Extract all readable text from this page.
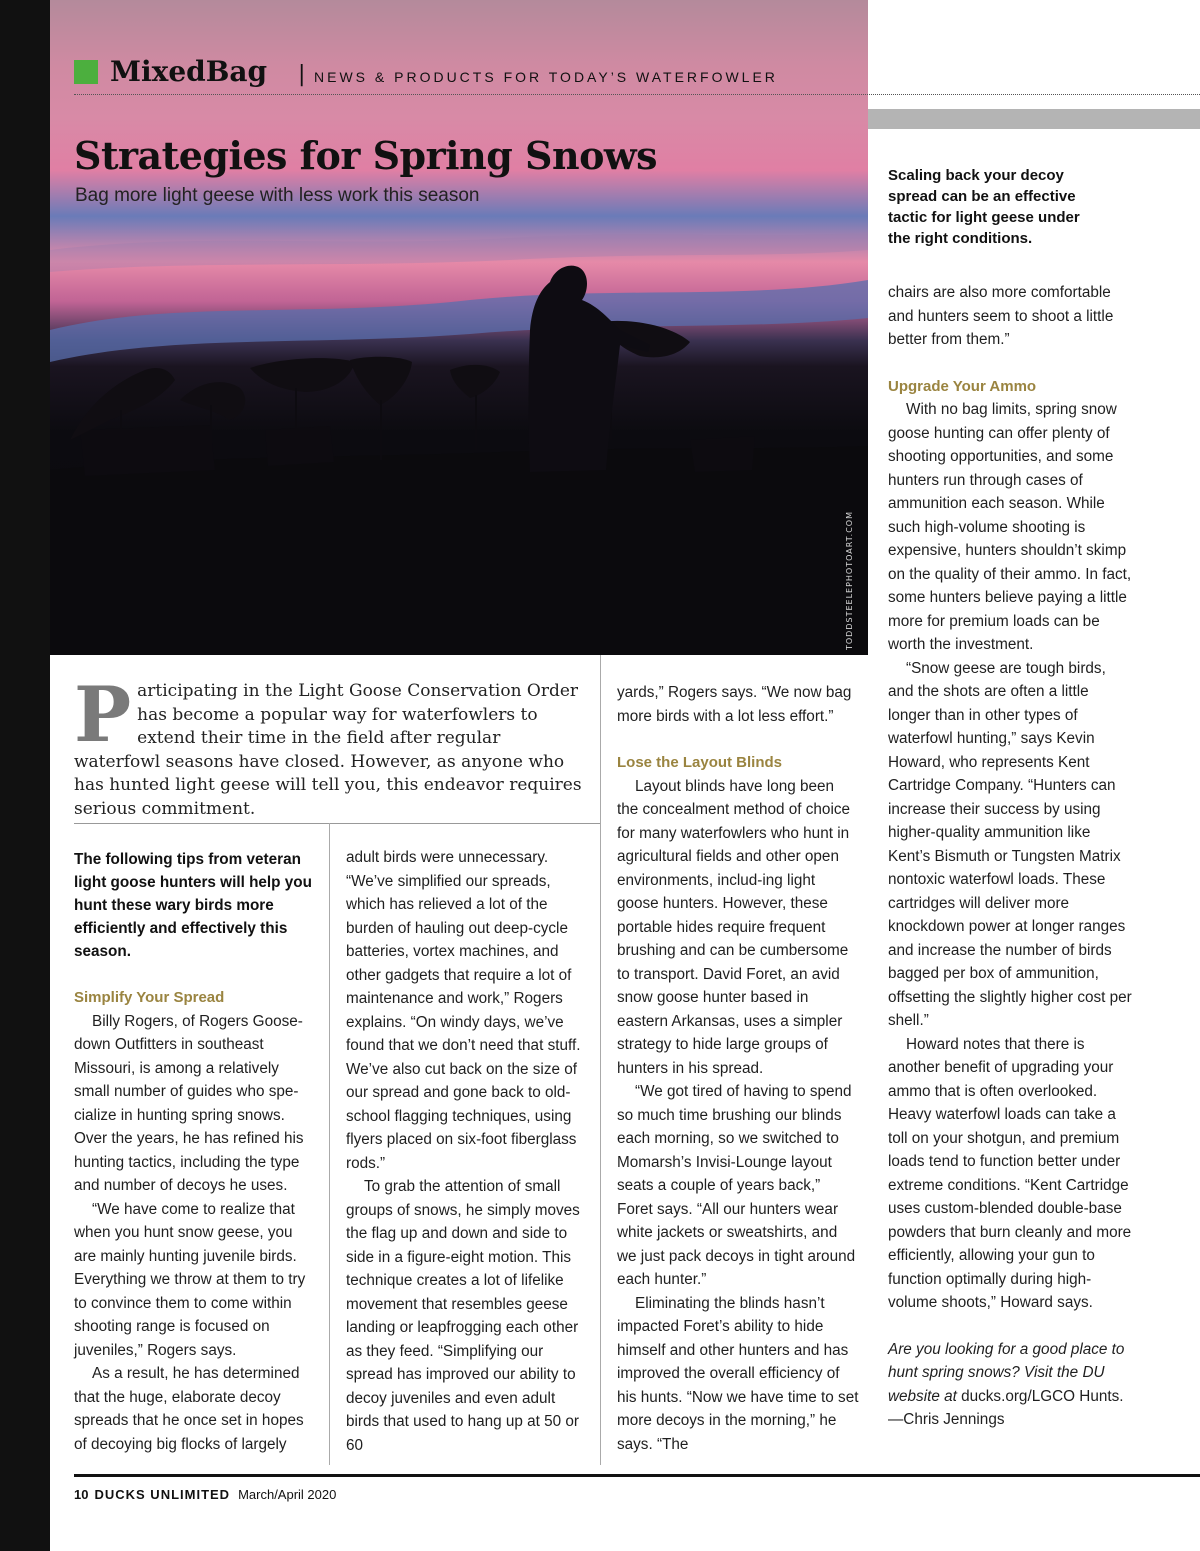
TODDSTEELEPHOTOART.COM
MixedBag | NEWS & PRODUCTS FOR TODAY’S WATERFOWLER
Strategies for Spring Snows
Bag more light geese with less work this season
Scaling back your decoy spread can be an effective tactic for light geese under the right conditions.
P articipating in the Light Goose Conservation Order has become a popular way for waterfowlers to extend their time in the field after regular waterfowl seasons have closed. However, as anyone who has hunted light geese will tell you, this endeavor requires serious commitment.

The following tips from veteran light goose hunters will help you hunt these wary birds more efficiently and effectively this season.

Simplify Your Spread

Billy Rogers, of Rogers Goose-down Outfitters in southeast Missouri, is among a relatively small number of guides who spe-cialize in hunting spring snows. Over the years, he has refined his hunting tactics, including the type and number of decoys he uses.

“We have come to realize that when you hunt snow geese, you are mainly hunting juvenile birds. Everything we throw at them to try to convince them to come within shooting range is focused on juveniles,” Rogers says.

As a result, he has determined that the huge, elaborate decoy spreads that he once set in hopes of decoying big flocks of largely

adult birds were unnecessary. “We’ve simplified our spreads, which has relieved a lot of the burden of hauling out deep-cycle batteries, vortex machines, and other gadgets that require a lot of maintenance and work,” Rogers explains. “On windy days, we’ve found that we don’t need that stuff. We’ve also cut back on the size of our spread and gone back to old-school flagging techniques, using flyers placed on six-foot fiberglass rods.”

To grab the attention of small groups of snows, he simply moves the flag up and down and side to side in a figure-eight motion. This technique creates a lot of lifelike movement that resembles geese landing or leapfrogging each other as they feed. “Simplifying our spread has improved our ability to decoy juveniles and even adult birds that used to hang up at 50 or 60

yards,” Rogers says. “We now bag more birds with a lot less effort.”

Lose the Layout Blinds

Layout blinds have long been the concealment method of choice for many waterfowlers who hunt in agricultural fields and other open environments, includ-ing light goose hunters. However, these portable hides require frequent brushing and can be cumbersome to transport. David Foret, an avid snow goose hunter based in eastern Arkansas, uses a simpler strategy to hide large groups of hunters in his spread.

“We got tired of having to spend so much time brushing our blinds each morning, so we switched to Momarsh’s Invisi-Lounge layout seats a couple of years back,” Foret says. “All our hunters wear white jackets or sweatshirts, and we just pack decoys in tight around each hunter.”

Eliminating the blinds hasn’t impacted Foret’s ability to hide himself and other hunters and has improved the overall efficiency of his hunts. “Now we have time to set more decoys in the morning,” he says. “The

chairs are also more comfortable and hunters seem to shoot a little better from them.”

Upgrade Your Ammo

With no bag limits, spring snow goose hunting can offer plenty of shooting opportunities, and some hunters run through cases of ammunition each season. While such high-volume shooting is expensive, hunters shouldn’t skimp on the quality of their ammo. In fact, some hunters believe paying a little more for premium loads can be worth the investment.

“Snow geese are tough birds, and the shots are often a little longer than in other types of waterfowl hunting,” says Kevin Howard, who represents Kent Cartridge Company. “Hunters can increase their success by using higher-quality ammunition like Kent’s Bismuth or Tungsten Matrix nontoxic waterfowl loads. These cartridges will deliver more knockdown power at longer ranges and increase the number of birds bagged per box of ammunition, offsetting the slightly higher cost per shell.”

Howard notes that there is another benefit of upgrading your ammo that is often overlooked. Heavy waterfowl loads can take a toll on your shotgun, and premium loads tend to function better under extreme conditions. “Kent Cartridge uses custom-blended double-base powders that burn cleanly and more efficiently, allowing your gun to function optimally during high-volume shoots,” Howard says.

Are you looking for a good place to hunt spring snows? Visit the DU website at ducks.org/LGCO Hunts. —Chris Jennings

10 DUCKS UNLIMITED March/April 2020
